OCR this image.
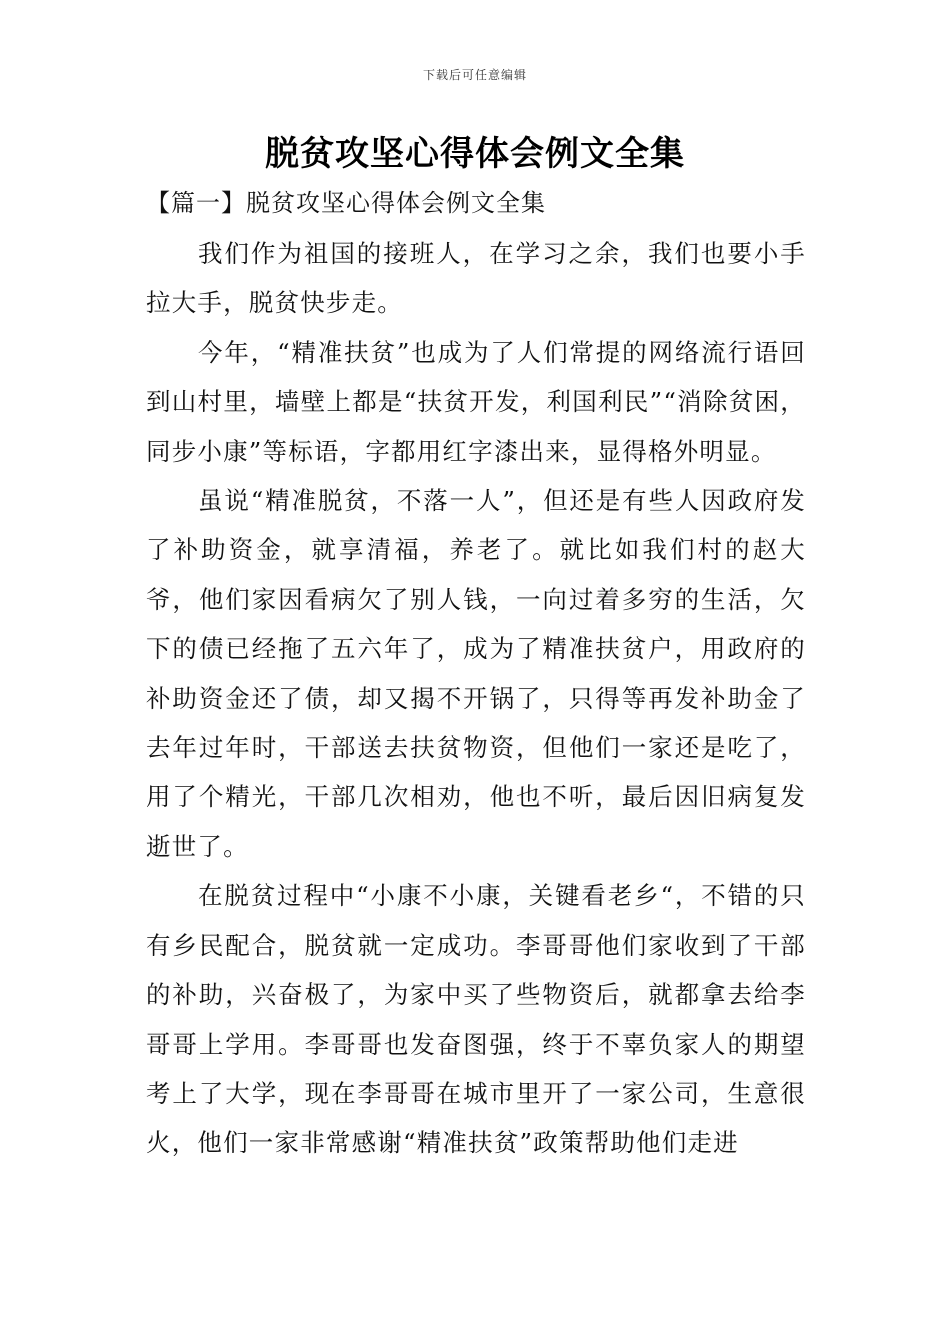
下载后可任意编辑
脱贫攻坚心得体会例文全集
【篇一】脱贫攻坚心得体会例文全集

我们作为祖国的接班人，在学习之余，我们也要小手拉大手，脱贫快步走。

今年，“精准扶贫”也成为了人们常提的网络流行语回到山村里，墙壁上都是“扶贫开发，利国利民”“消除贫困，同步小康”等标语，字都用红字漆出来，显得格外明显。

虽说“精准脱贫，不落一人”，但还是有些人因政府发了补助资金，就享清福，养老了。就比如我们村的赵大爷，他们家因看病欠了别人钱，一向过着多穷的生活，欠下的债已经拖了五六年了，成为了精准扶贫户，用政府的补助资金还了债，却又揭不开锅了，只得等再发补助金了去年过年时，干部送去扶贫物资，但他们一家还是吃了，用了个精光，干部几次相劝，他也不听，最后因旧病复发逝世了。

在脱贫过程中“小康不小康，关键看老乡“，不错的只有乡民配合，脱贫就一定成功。李哥哥他们家收到了干部的补助，兴奋极了，为家中买了些物资后，就都拿去给李哥哥上学用。李哥哥也发奋图强，终于不辜负家人的期望考上了大学，现在李哥哥在城市里开了一家公司，生意很火，他们一家非常感谢“精准扶贫”政策帮助他们走进
